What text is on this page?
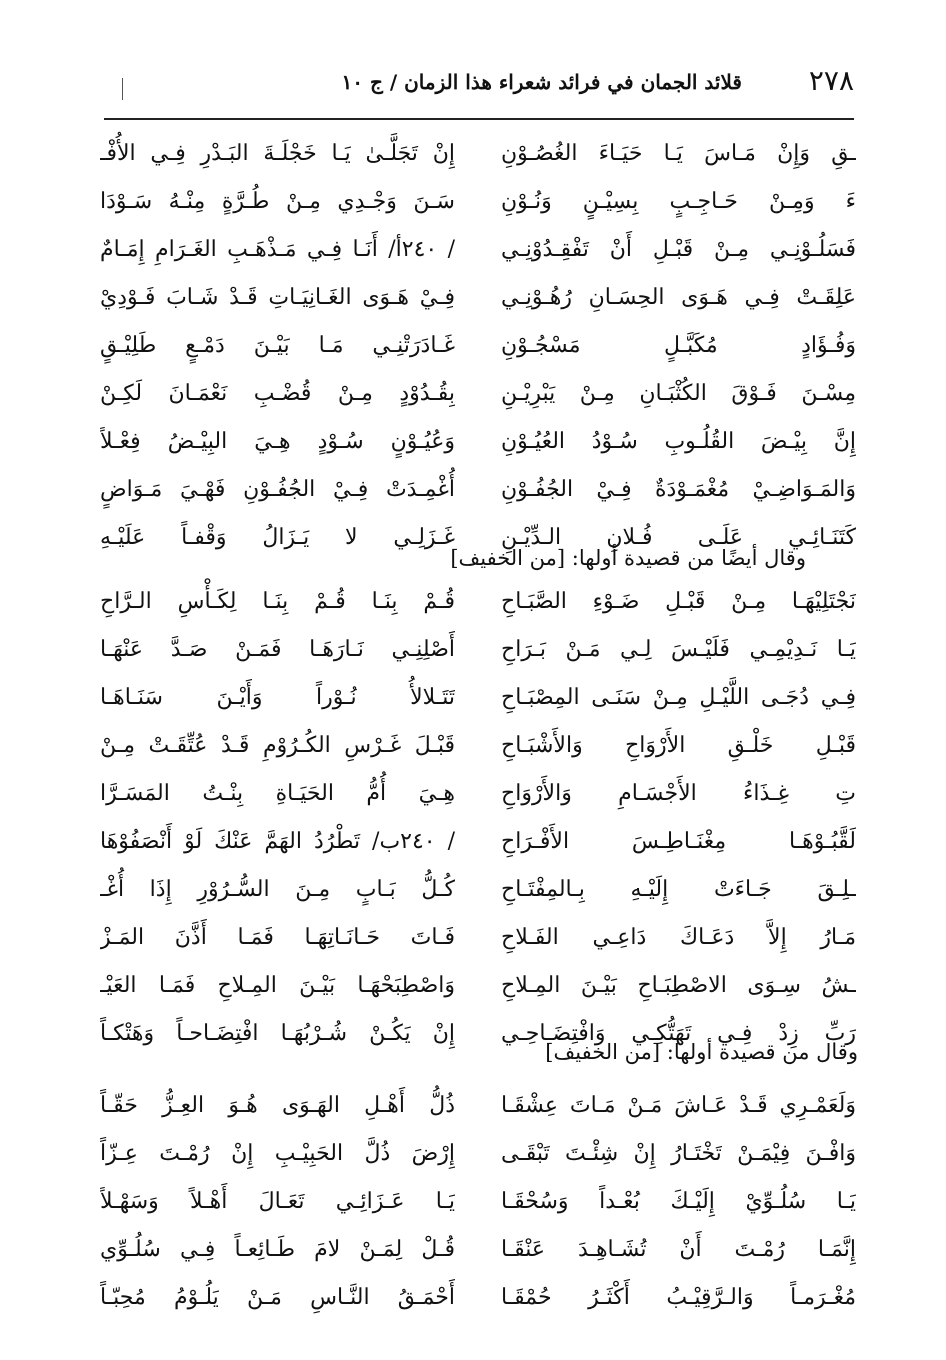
٢٧٨
قلائد الجمان في فرائد شعراء هذا الزمان / ج ١٠
إِنْ تَجَلَّـىٰ يَـا خَجْلَـةَ البَـدْرِ فِـي الأُفْـ ـقِ وَإِنْ مَـاسَ يَـا حَيَـاءَ الغُصُـوْنِ
سَـنَ وَجْـدِي مِـنْ طُـرَّةٍ مِنْـهُ سَـوْدَا ءَ وَمِـنْ حَـاجِـبٍ بِسِيْـنٍ وَنُـوْنِ
/ ٢٤٠أ/ أَنَـا فِـي مَـذْهَـبِ الغَـرَامِ إِمَـامٌ فَسَلُـوْنِـي مِـنْ قَبْـلِ أَنْ تَفْقِـدُوْنِـي
فِـيْ هَـوَى الغَـانِيَـاتِ قَـدْ شَـابَ فَـوْدِيْ عَلِقَـتْ فِـي هَـوَى الحِسَـانِ رُهُـوْنِـي
غَـادَرَتْنِـي مَـا بَيْـنَ دَمْـعٍ طَلِيْـقٍ وَفُـؤَادٍ مُكَبَّـلٍ مَسْجُـوْنِ
بِقُـدُوْدٍ مِـنْ قُضْـبِ نَعْمَـانَ لَكِـنْ مِسْـنَ فَـوْقَ الكُثْبَـانِ مِـنْ يَبْرِيْـنِ
وَعُيُـوْنٍ سُـوْدٍ هِـيَ البِيْـضُ فِعْـلاً إِنَّ بِيْـضَ القُلُـوبِ سُـوْدُ العُيُـوْنِ
أُغْمِـدَتْ فِـيْ الجُفُـوْنِ فَهْـيَ مَـوَاضٍ وَالمَـوَاضِـيْ مُغْمَـوْدَةٌ فِـيْ الجُفُـوْنِ
غَـزَلِـي لا يَـزَالُ وَقْفـاً عَلَيْـهِ كَتَنَـائِـي عَلَـى فُـلانِ الـدِّيْـنِ
وقال أيضًا من قصيدة أولها: [من الخفيف]
قُـمْ بِنَـا قُـمْ بِنَـا لِكَـأْسِ الـرَّاحِ نَجْتَلِيْهَـا مِـنْ قَبْـلِ ضَـوْءِ الصَّبَـاحِ
أَصْلِنِـي نَـارَهَـا فَمَـنْ صَـدَّ عَنْهَـا يَـا نَـدِيْمِـي فَلَيْـسَ لِـي مَـنْ بَـرَاحِ
تَتَـلالأُ نُـوْراً وَأَيْـنَ سَنَـاهَـا فِـي دُجَـى اللَّيْـلِ مِـنْ سَنَـى المِصْبَـاحِ
قَبْـلَ غَـرْسِ الكُـرُوْمِ قَـدْ عُتِّقَـتْ مِـنْ قَبْـلِ خَلْـقِ الأَرْوَاحِ وَالأَشْبَـاحِ
هِـيَ أُمُّ الحَيَـاةِ بِنْـتُ المَسَـرَّا تِ غِـذَاءُ الأَجْسَـامِ وَالأَرْوَاحِ
/ ٢٤٠ب/ تَطْرُدُ الهَمَّ عَنْكَ لَوْ أَنْصَفُوْهَا لَقَّبُـوْهَـا مِغْنَـاطِـسَ الأَفْـرَاحِ
كُـلُّ بَـابٍ مِـنَ السُّـرُوْرِ إِذَا أُغْـ ـلِـقَ جَـاءَتْ إِلَيْـهِ بِـالمِفْتَـاحِ
فَـاتَ حَـانَـاتِهَـا فَمَـا أَذَّنَ المَـزْ مَـارُ إِلاَّ دَعَـاكَ دَاعِـي الفَـلاحِ
وَاصْطِبَحْهَـا بَيْـنَ المِـلاحِ فَمَـا العَيْـ ـشُ سِـوَى الاصْطِبَـاحِ بَيْـنَ المِـلاحِ
إِنْ يَكُـنْ شُـرْبُهَـا افْتِضَـاحـاً وَهَتْكـاً رَبِّ زِدْ فِـي تَهَتُّكِـي وَافْتِضَـاحِـي
وقال من قصيدة أولها: [من الخفيف]
ذُلُّ أَهْـلِ الهَـوَى هُـوَ العِـزُّ حَقّـاً وَلَعَمْـرِي قَـدْ عَـاشَ مَـنْ مَـاتَ عِشْقَـا
إِرْضَ ذُلَّ الحَبِيْـبِ إِنْ رُمْـتَ عِـزّاً وَافْـنَ فِيْمَـنْ تَخْتَـارُ إِنْ شِئْـتَ تَبْقَـى
يَـا عَـزَائِـي تَعَـالَ أَهْـلاً وَسَهْـلاً يَـا سُلُـوِّيْ إِلَيْـكَ بُعْـداً وَسُحْقَـا
قُـلْ لِمَـنْ لامَ طَـائِعـاً فِـي سُلُـوِّي إِنَّمَـا رُمْـتَ أَنْ تُشَـاهِـدَ عَنْقَـا
أَحْمَـقُ النَّـاسِ مَـنْ يَلُـوْمُ مُحِبّـاً مُغْـرَمـاً وَالـرَّقِيْـبُ أَكْثَـرُ حُمْقَـا
